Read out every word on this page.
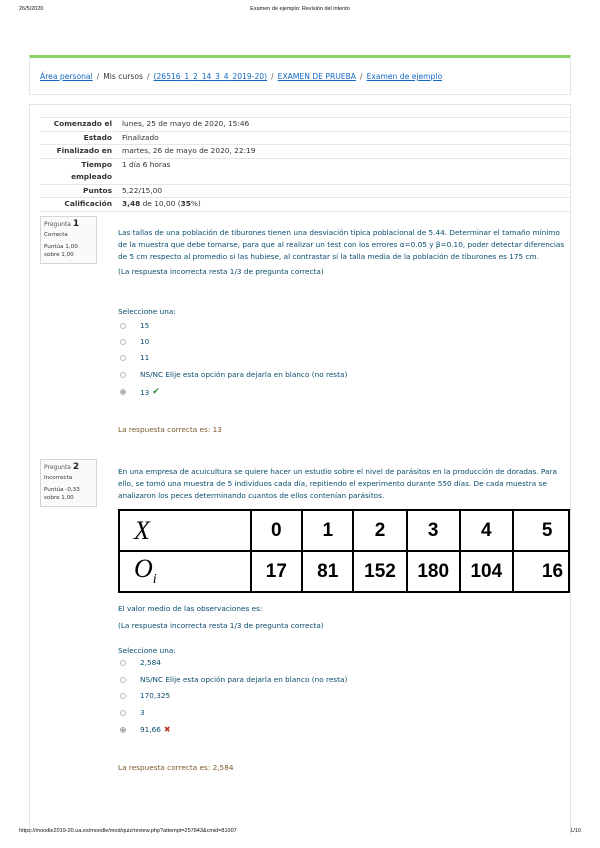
26/5/2020	Examen de ejemplo: Revisión del intento
Área personal / Mis cursos / (26516_1_2_14_3_4_2019-20) / EXAMEN DE PRUEBA / Examen de ejemplo
Comenzado el	lunes, 25 de mayo de 2020, 15:46
Estado	Finalizado
Finalizado en	martes, 26 de mayo de 2020, 22:19
Tiempo empleado
1 día 6 horas
Puntos	5,22/15,00
Calificación	3,48 de 10,00 (35%)
Pregunta 1
Correcta
Puntúa 1,00 sobre 1,00
Las tallas de una población de tiburones tienen una desviación típica poblacional de 5.44. Determinar el tamaño mínimo de la muestra que debe tomarse, para que al realizar un test con los errores α=0.05 y β=0.10, poder detectar diferencias de 5 cm respecto al promedio si las hubiese, al contrastar si la talla media de la población de tiburones es 175 cm.
(La respuesta incorrecta resta 1/3 de pregunta correcta)
Seleccione una:
15
10
11
NS/NC Elije esta opción para dejarla en blanco (no resta)
13 ✔
La respuesta correcta es: 13
Pregunta 2
Incorrecta
Puntúa -0,33 sobre 1,00
En una empresa de acuicultura se quiere hacer un estudio sobre el nivel de parásitos en la producción de doradas. Para ello, se tomó una muestra de 5 individuos cada día, repitiendo el experimento durante 550 días. De cada muestra se analizaron los peces determinando cuantos de ellos contenían parásitos.
X	0	1	2	3	4	5
$O_i$	17	81	152	180	104	16
El valor medio de las observaciones es:
(La respuesta incorrecta resta 1/3 de pregunta correcta)
Seleccione una:
2,584
NS/NC Elije esta opción para dejarla en blanco (no resta)
170,325
3
91,66 ✖
La respuesta correcta es: 2,584
https://moodle2019-20.ua.es/moodle/mod/quiz/review.php?attempt=257843&cmid=81007	1/10
